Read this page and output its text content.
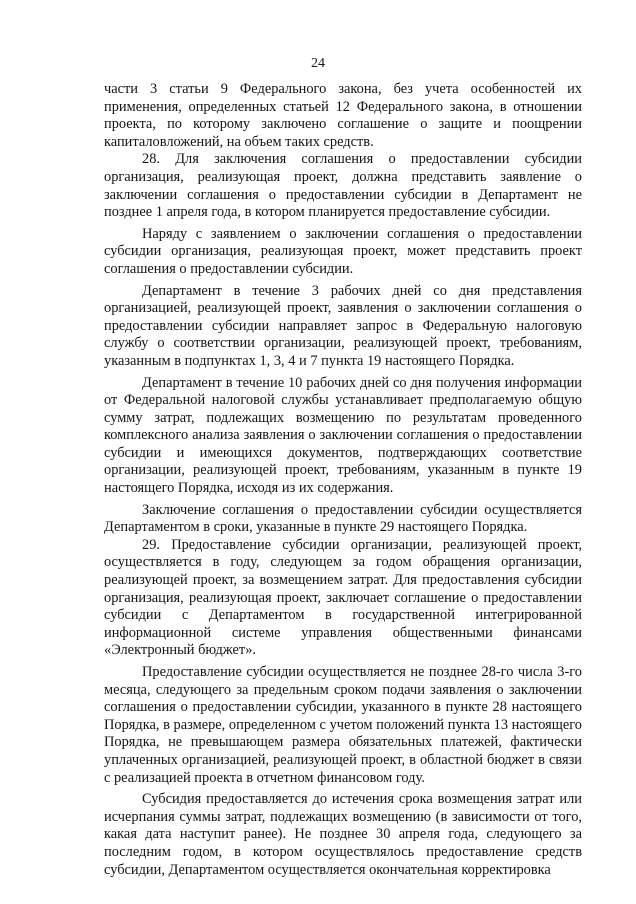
24

части 3 статьи 9 Федерального закона, без учета особенностей их применения, определенных статьей 12 Федерального закона, в отношении проекта, по которому заключено соглашение о защите и поощрении капиталовложений, на объем таких средств.

28. Для заключения соглашения о предоставлении субсидии организация, реализующая проект, должна представить заявление о заключении соглашения о предоставлении субсидии в Департамент не позднее 1 апреля года, в котором планируется предоставление субсидии.

Наряду с заявлением о заключении соглашения о предоставлении субсидии организация, реализующая проект, может представить проект соглашения о предоставлении субсидии.

Департамент в течение 3 рабочих дней со дня представления организацией, реализующей проект, заявления о заключении соглашения о предоставлении субсидии направляет запрос в Федеральную налоговую службу о соответствии организации, реализующей проект, требованиям, указанным в подпунктах 1, 3, 4 и 7 пункта 19 настоящего Порядка.

Департамент в течение 10 рабочих дней со дня получения информации от Федеральной налоговой службы устанавливает предполагаемую общую сумму затрат, подлежащих возмещению по результатам проведенного комплексного анализа заявления о заключении соглашения о предоставлении субсидии и имеющихся документов, подтверждающих соответствие организации, реализующей проект, требованиям, указанным в пункте 19 настоящего Порядка, исходя из их содержания.

Заключение соглашения о предоставлении субсидии осуществляется Департаментом в сроки, указанные в пункте 29 настоящего Порядка.

29. Предоставление субсидии организации, реализующей проект, осуществляется в году, следующем за годом обращения организации, реализующей проект, за возмещением затрат. Для предоставления субсидии организация, реализующая проект, заключает соглашение о предоставлении субсидии с Департаментом в государственной интегрированной информационной системе управления общественными финансами «Электронный бюджет».

Предоставление субсидии осуществляется не позднее 28-го числа 3-го месяца, следующего за предельным сроком подачи заявления о заключении соглашения о предоставлении субсидии, указанного в пункте 28 настоящего Порядка, в размере, определенном с учетом положений пункта 13 настоящего Порядка, не превышающем размера обязательных платежей, фактически уплаченных организацией, реализующей проект, в областной бюджет в связи с реализацией проекта в отчетном финансовом году.

Субсидия предоставляется до истечения срока возмещения затрат или исчерпания суммы затрат, подлежащих возмещению (в зависимости от того, какая дата наступит ранее). Не позднее 30 апреля года, следующего за последним годом, в котором осуществлялось предоставление средств субсидии, Департаментом осуществляется окончательная корректировка
